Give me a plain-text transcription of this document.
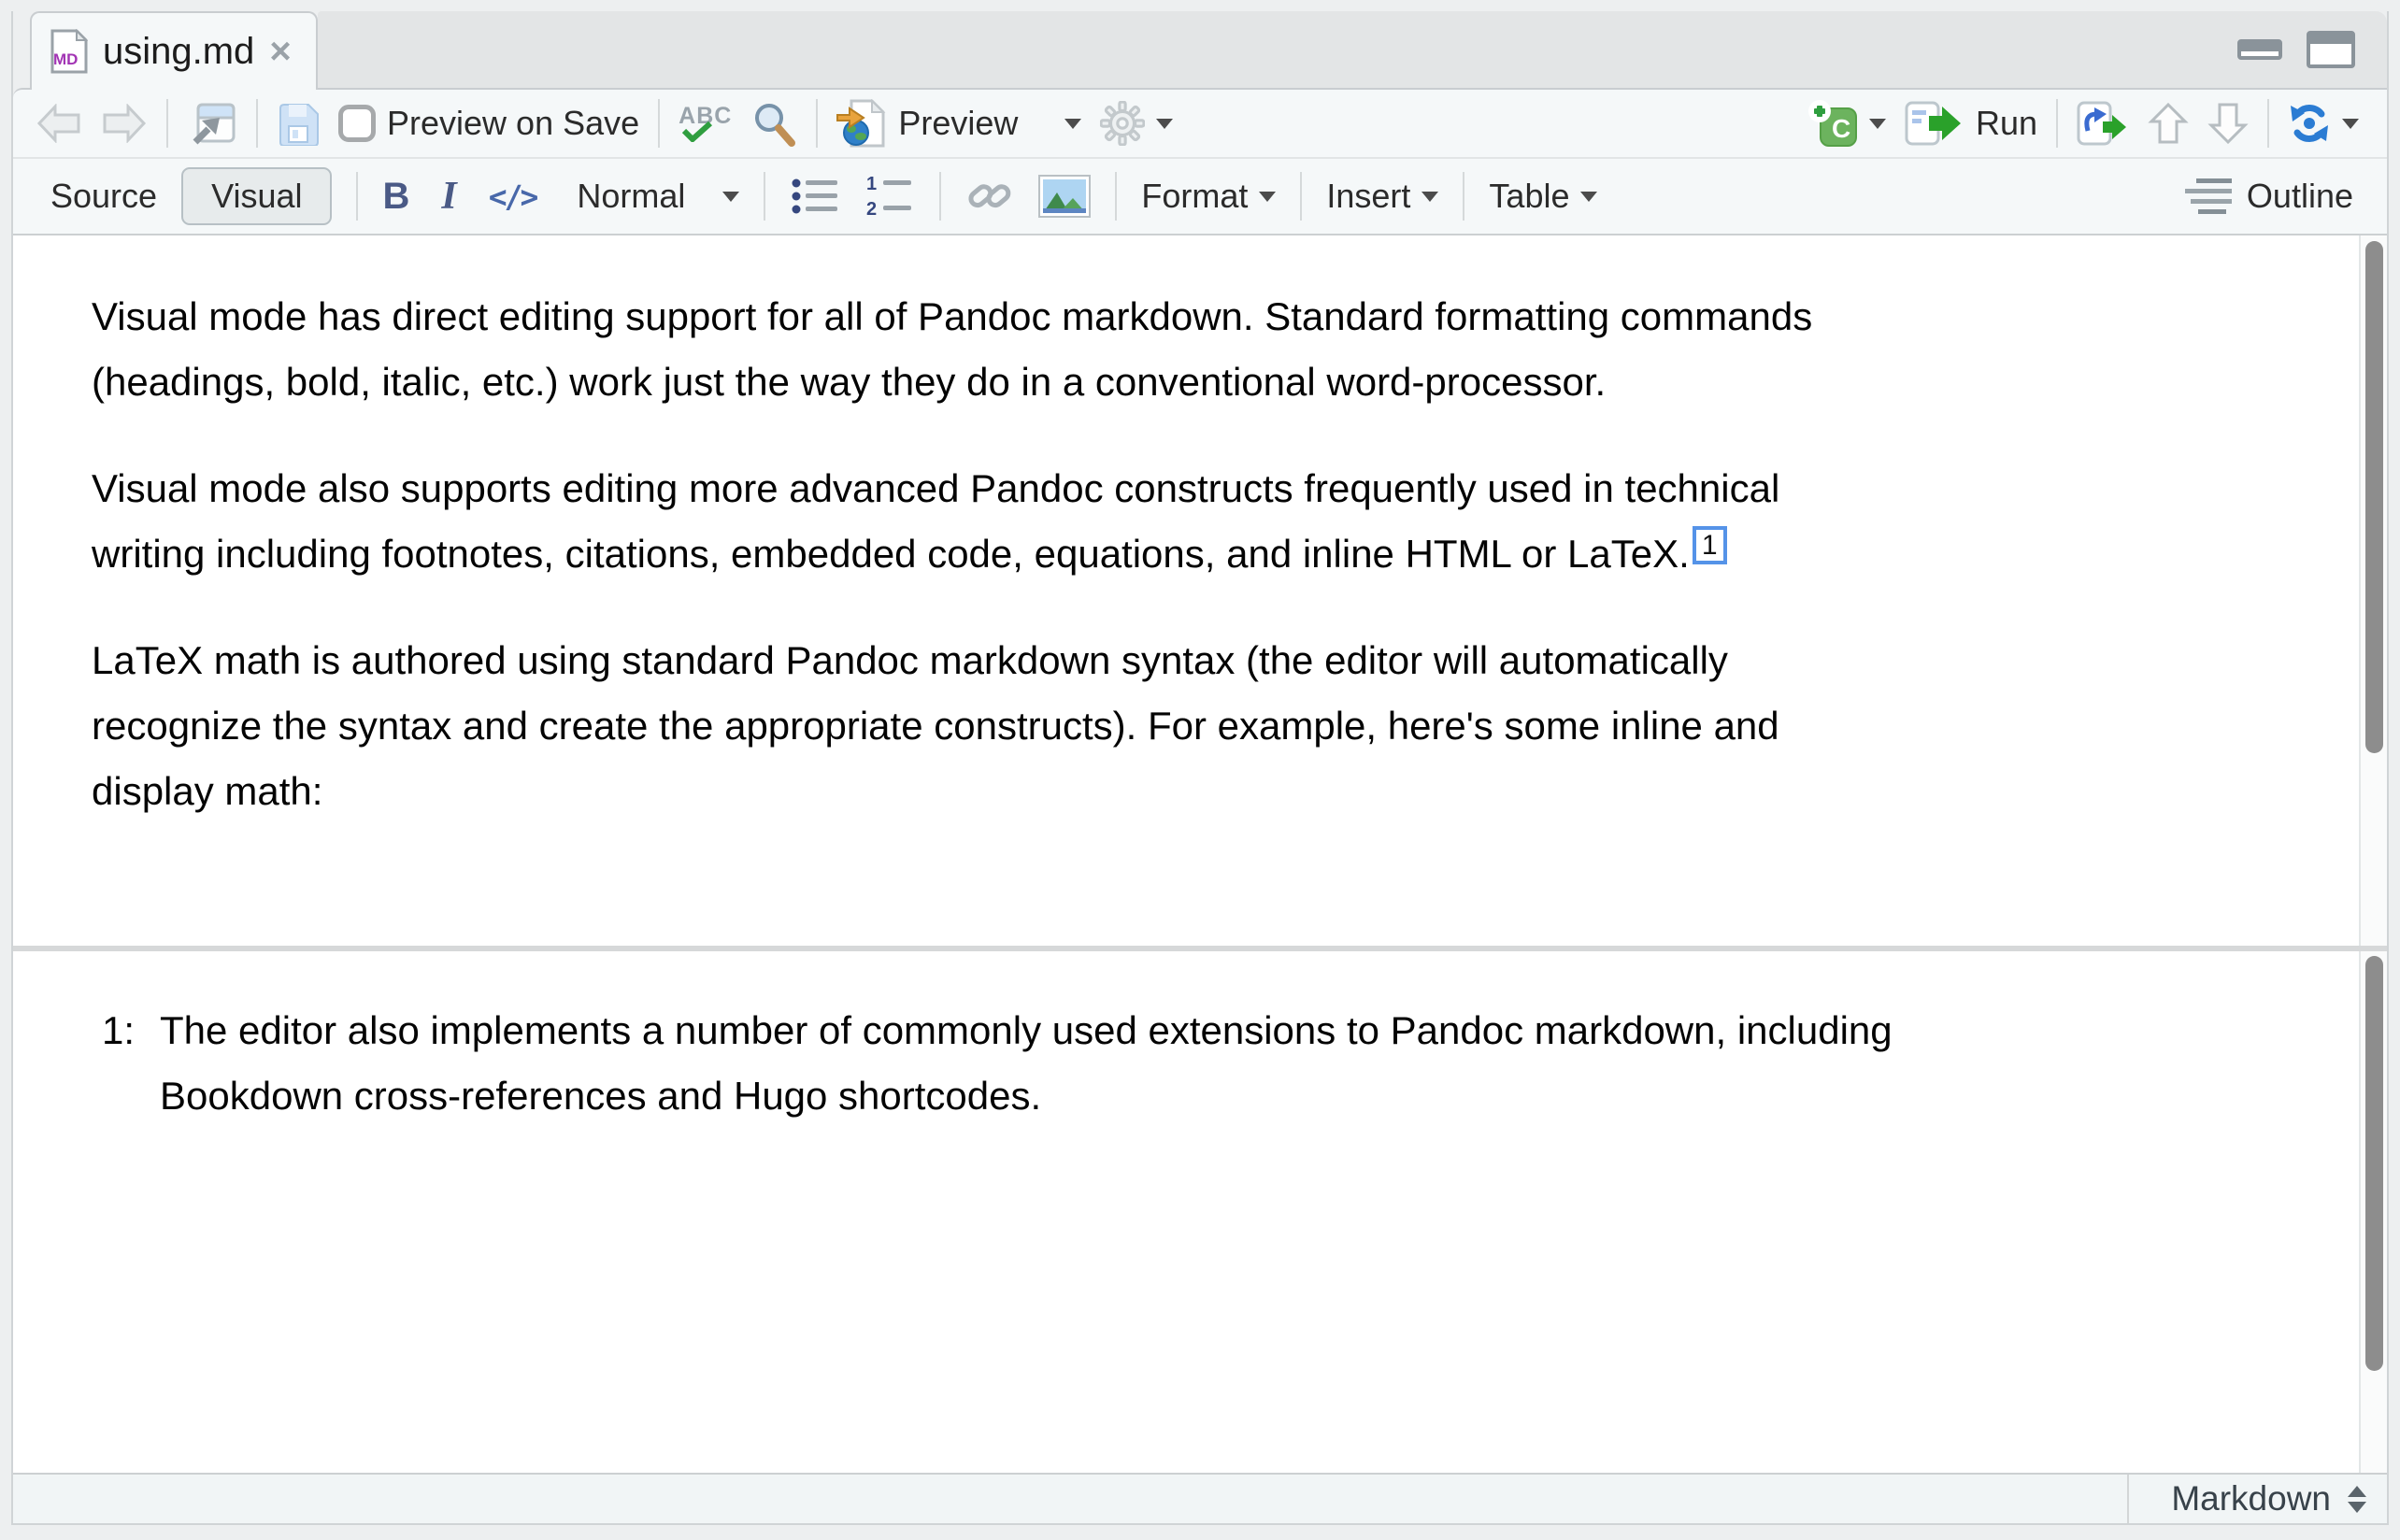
MD using.md ×
Preview on Save ABC	Preview	C	Run
Source	Visual	B I </> Normal	1
2	Format Insert Table	Outline
Visual mode has direct editing support for all of Pandoc markdown. Standard formatting commands
(headings, bold, italic, etc.) work just the way they do in a conventional word-processor.
Visual mode also supports editing more advanced Pandoc constructs frequently used in technical
writing including footnotes, citations, embedded code, equations, and inline HTML or LaTeX. 1
LaTeX math is authored using standard Pandoc markdown syntax (the editor will automatically
recognize the syntax and create the appropriate constructs). For example, here's some inline and
display math:
1: The editor also implements a number of commonly used extensions to Pandoc markdown, including
Bookdown cross-references and Hugo shortcodes.
Markdown
